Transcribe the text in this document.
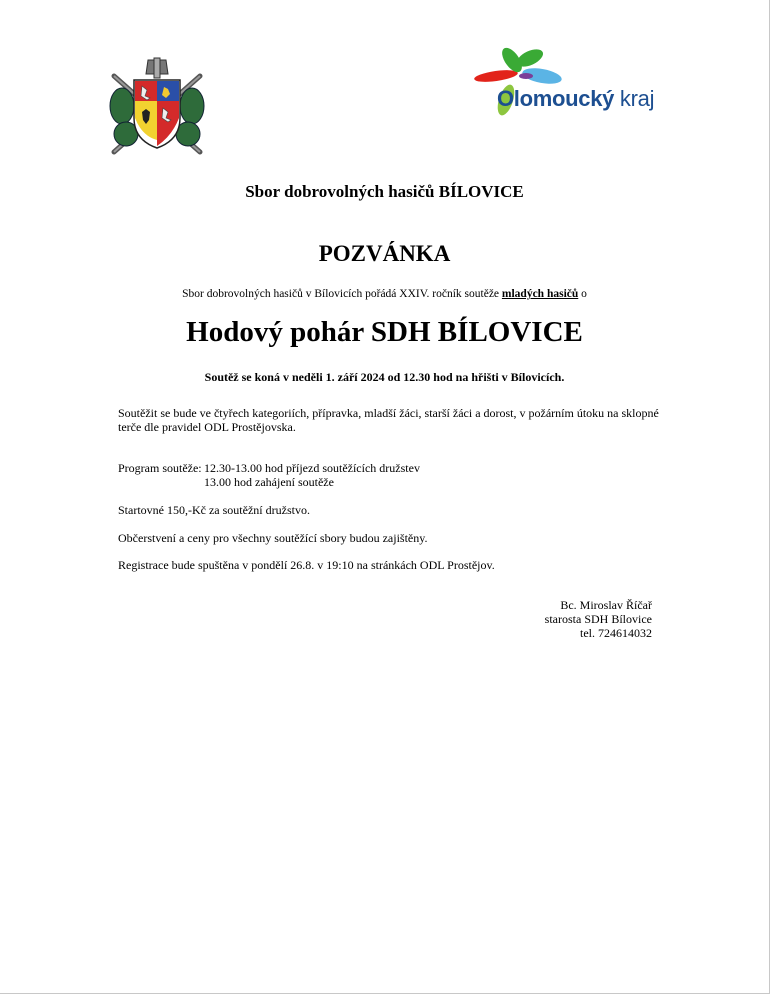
Olomoucký kraj
Sbor dobrovolných hasičů BÍLOVICE
POZVÁNKA
Sbor dobrovolných hasičů v Bílovicích pořádá XXIV. ročník soutěže mladých hasičů o
Hodový pohár SDH BÍLOVICE
Soutěž se koná v neděli 1. září 2024 od 12.30 hod na hřišti v Bílovicích.
Soutěžit se bude ve čtyřech kategoriích, přípravka, mladší žáci, starší žáci a dorost, v požárním útoku na sklopné terče dle pravidel ODL Prostějovska.
Program soutěže: 12.30-13.00 hod příjezd soutěžících družstev
13.00 hod zahájení soutěže
Startovné 150,-Kč za soutěžní družstvo.
Občerstvení a ceny pro všechny soutěžící sbory budou zajištěny.
Registrace bude spuštěna v pondělí 26.8. v 19:10 na stránkách ODL Prostějov.
Bc. Miroslav Říčař
starosta SDH Bílovice
tel. 724614032
